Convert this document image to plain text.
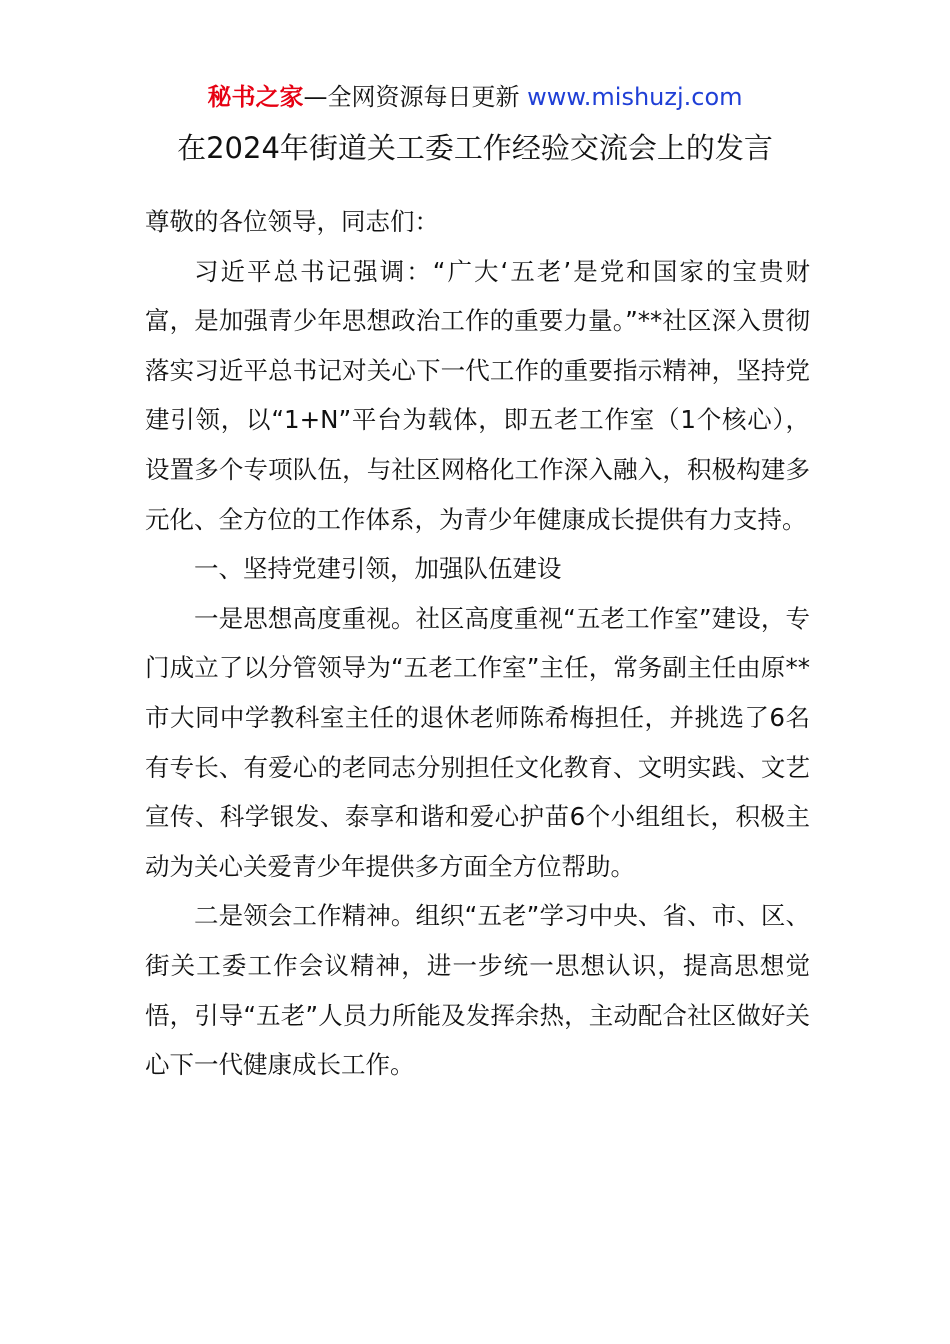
秘书之家—全网资源每日更新 www.mishuzj.com
在2024年街道关工委工作经验交流会上的发言

尊敬的各位领导，同志们：

习近平总书记强调：“广大‘五老’是党和国家的宝贵财富，是加强青少年思想政治工作的重要力量。”**社区深入贯彻落实习近平总书记对关心下一代工作的重要指示精神，坚持党建引领，以“1+N”平台为载体，即五老工作室（1个核心），设置多个专项队伍，与社区网格化工作深入融入，积极构建多元化、全方位的工作体系，为青少年健康成长提供有力支持。

一、坚持党建引领，加强队伍建设

一是思想高度重视。社区高度重视“五老工作室”建设，专门成立了以分管领导为“五老工作室”主任，常务副主任由原**市大同中学教科室主任的退休老师陈希梅担任，并挑选了6名有专长、有爱心的老同志分别担任文化教育、文明实践、文艺宣传、科学银发、泰享和谐和爱心护苗6个小组组长，积极主动为关心关爱青少年提供多方面全方位帮助。

二是领会工作精神。组织“五老”学习中央、省、市、区、街关工委工作会议精神，进一步统一思想认识，提高思想觉悟，引导“五老”人员力所能及发挥余热，主动配合社区做好关心下一代健康成长工作。
